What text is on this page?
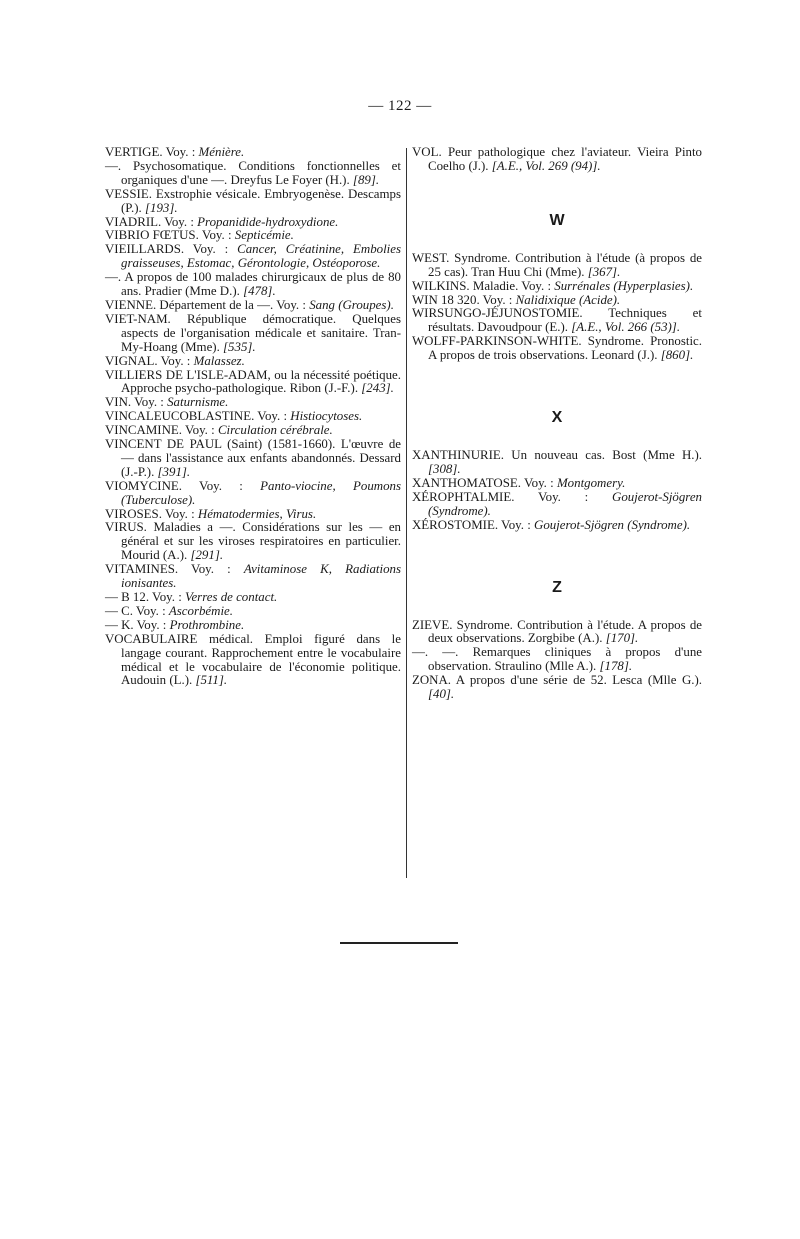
— 122 —

VERTIGE. Voy. : Ménière.

—. Psychosomatique. Conditions fonctionnelles et organiques d'une —. Dreyfus Le Foyer (H.). [89].

VESSIE. Exstrophie vésicale. Embryogenèse. Descamps (P.). [193].

VIADRIL. Voy. : Propanidide-hydroxydione.

VIBRIO FŒTUS. Voy. : Septicémie.

VIEILLARDS. Voy. : Cancer, Créatinine, Embolies graisseuses, Estomac, Gérontologie, Ostéoporose.

—. A propos de 100 malades chirurgicaux de plus de 80 ans. Pradier (Mme D.). [478].

VIENNE. Département de la —. Voy. : Sang (Groupes).

VIET-NAM. République démocratique. Quelques aspects de l'organisation médicale et sanitaire. Tran-My-Hoang (Mme). [535].

VIGNAL. Voy. : Malassez.

VILLIERS DE L'ISLE-ADAM, ou la nécessité poétique. Approche psycho-pathologique. Ribon (J.-F.). [243].

VIN. Voy. : Saturnisme.

VINCALEUCOBLASTINE. Voy. : Histiocytoses.

VINCAMINE. Voy. : Circulation cérébrale.

VINCENT DE PAUL (Saint) (1581-1660). L'œuvre de — dans l'assistance aux enfants abandonnés. Dessard (J.-P.). [391].

VIOMYCINE. Voy. : Panto-viocine, Poumons (Tuberculose).

VIROSES. Voy. : Hématodermies, Virus.

VIRUS. Maladies a —. Considérations sur les — en général et sur les viroses respiratoires en particulier. Mourid (A.). [291].

VITAMINES. Voy. : Avitaminose K, Radiations ionisantes.

— B 12. Voy. : Verres de contact.

— C. Voy. : Ascorbémie.

— K. Voy. : Prothrombine.

VOCABULAIRE médical. Emploi figuré dans le langage courant. Rapprochement entre le vocabulaire médical et le vocabulaire de l'économie politique. Audouin (L.). [511].

VOL. Peur pathologique chez l'aviateur. Vieira Pinto Coelho (J.). [A.E., Vol. 269 (94)].

W

WEST. Syndrome. Contribution à l'étude (à propos de 25 cas). Tran Huu Chi (Mme). [367].

WILKINS. Maladie. Voy. : Surrénales (Hyperplasies).

WIN 18 320. Voy. : Nalidixique (Acide).

WIRSUNGO-JÉJUNOSTOMIE. Techniques et résultats. Davoudpour (E.). [A.E., Vol. 266 (53)].

WOLFF-PARKINSON-WHITE. Syndrome. Pronostic. A propos de trois observations. Leonard (J.). [860].

X

XANTHINURIE. Un nouveau cas. Bost (Mme H.). [308].

XANTHOMATOSE. Voy. : Montgomery.

XÉROPHTALMIE. Voy. : Goujerot-Sjögren (Syndrome).

XÉROSTOMIE. Voy. : Goujerot-Sjögren (Syndrome).

Z

ZIEVE. Syndrome. Contribution à l'étude. A propos de deux observations. Zorgbibe (A.). [170].

—. —. Remarques cliniques à propos d'une observation. Straulino (Mlle A.). [178].

ZONA. A propos d'une série de 52. Lesca (Mlle G.). [40].
